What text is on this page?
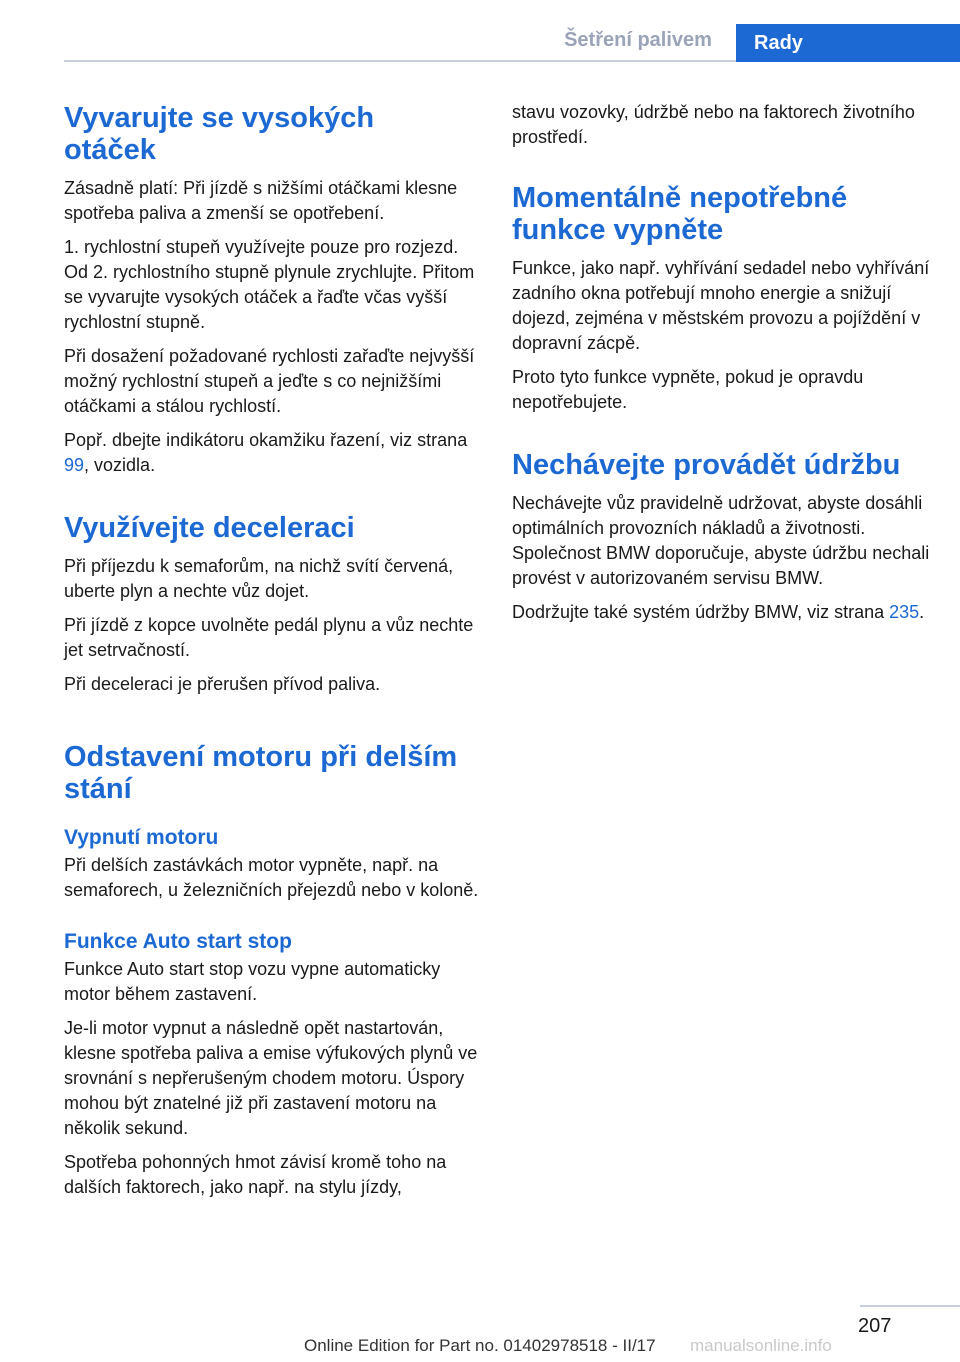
Šetření palivem	Rady
Vyvarujte se vysokých otáček

Zásadně platí: Při jízdě s nižšími otáčkami klesne spotřeba paliva a zmenší se opotřebení.

1. rychlostní stupeň využívejte pouze pro rozjezd. Od 2. rychlostního stupně plynule zrychlujte. Přitom se vyvarujte vysokých otáček a řaďte včas vyšší rychlostní stupně.

Při dosažení požadované rychlosti zařaďte nejvyšší možný rychlostní stupeň a jeďte s co nejnižšími otáčkami a stálou rychlostí.

Popř. dbejte indikátoru okamžiku řazení, viz strana 99, vozidla.

Využívejte deceleraci

Při příjezdu k semaforům, na nichž svítí červená, uberte plyn a nechte vůz dojet.

Při jízdě z kopce uvolněte pedál plynu a vůz nechte jet setrvačností.

Při deceleraci je přerušen přívod paliva.

Odstavení motoru při delším stání
Vypnutí motoru

Při delších zastávkách motor vypněte, např. na semaforech, u železničních přejezdů nebo v koloně.

Funkce Auto start stop

Funkce Auto start stop vozu vypne automaticky motor během zastavení.

Je-li motor vypnut a následně opět nastartován, klesne spotřeba paliva a emise výfukových plynů ve srovnání s nepřerušeným chodem motoru. Úspory mohou být znatelné již při zastavení motoru na několik sekund.

Spotřeba pohonných hmot závisí kromě toho na dalších faktorech, jako např. na stylu jízdy,

stavu vozovky, údržbě nebo na faktorech životního prostředí.

Momentálně nepotřebné funkce vypněte

Funkce, jako např. vyhřívání sedadel nebo vyhřívání zadního okna potřebují mnoho energie a snižují dojezd, zejména v městském provozu a pojíždění v dopravní zácpě.

Proto tyto funkce vypněte, pokud je opravdu nepotřebujete.

Nechávejte provádět údržbu

Nechávejte vůz pravidelně udržovat, abyste dosáhli optimálních provozních nákladů a životnosti. Společnost BMW doporučuje, abyste údržbu nechali provést v autorizovaném servisu BMW.

Dodržujte také systém údržby BMW, viz strana 235.

207
Online Edition for Part no. 01402978518 - II/17 manualsonline.info
